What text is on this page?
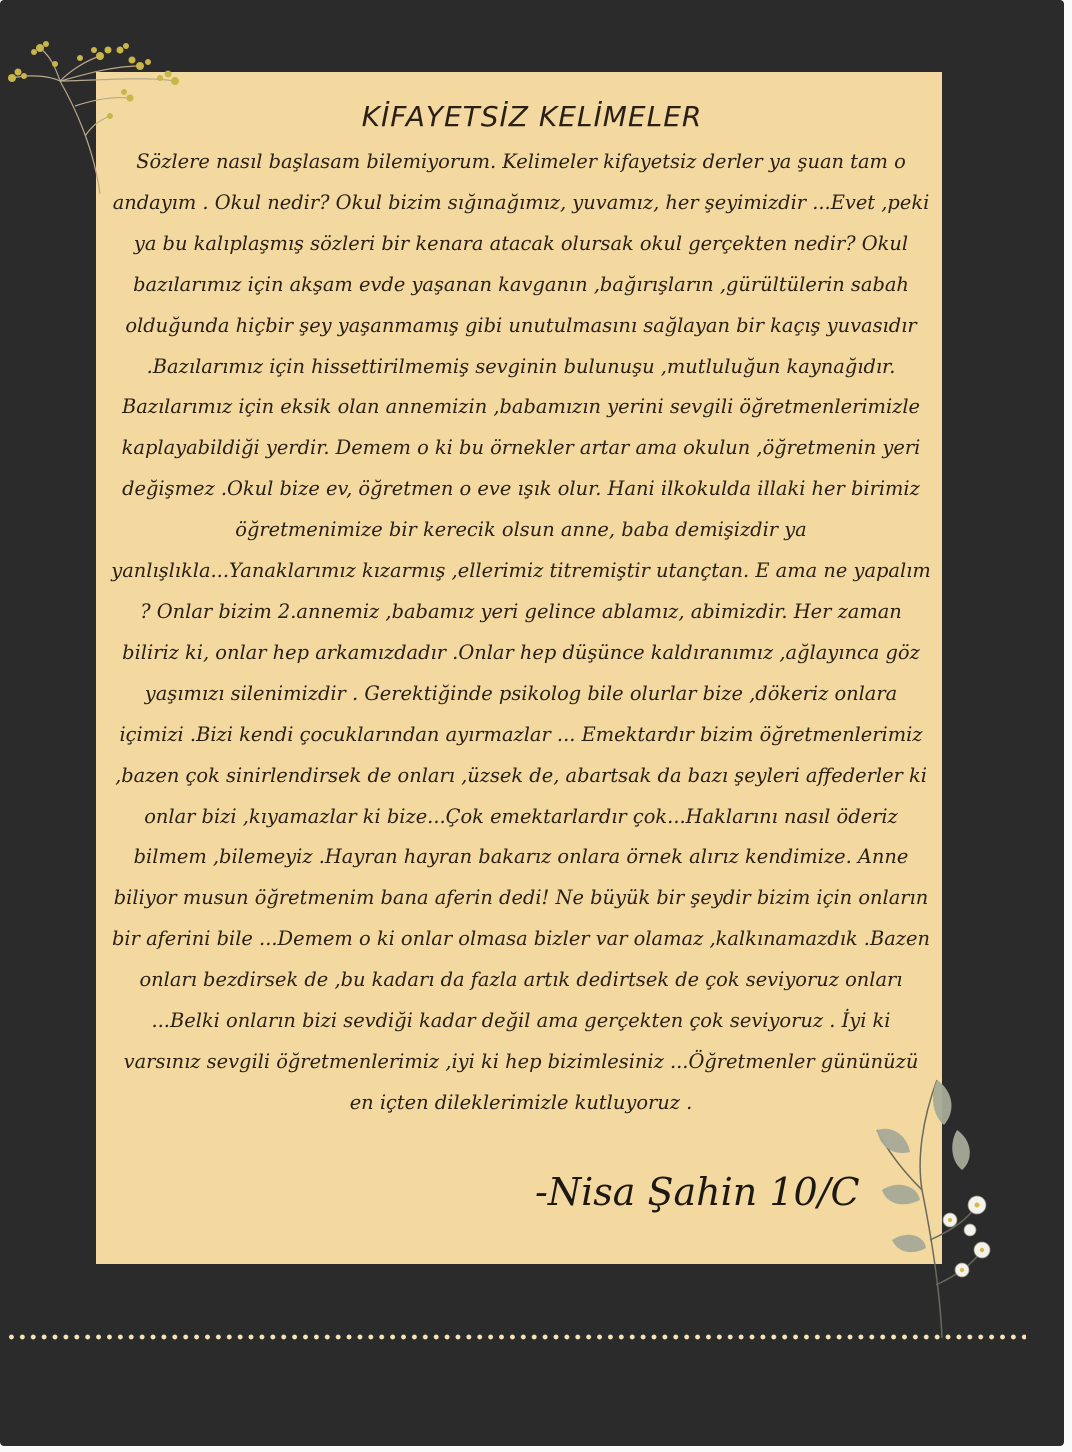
KİFAYETSİZ KELİMELER
Sözlere nasıl başlasam bilemiyorum. Kelimeler kifayetsiz derler ya şuan tam o andayım . Okul nedir? Okul bizim sığınağımız, yuvamız, her şeyimizdir ...Evet ,peki ya bu kalıplaşmış sözleri bir kenara atacak olursak okul gerçekten nedir? Okul bazılarımız için akşam evde yaşanan kavganın ,bağırışların ,gürültülerin sabah olduğunda hiçbir şey yaşanmamış gibi unutulmasını sağlayan bir kaçış yuvasıdır .Bazılarımız için hissettirilmemiş sevginin bulunuşu ,mutluluğun kaynağıdır. Bazılarımız için eksik olan annemizin ,babamızın yerini sevgili öğretmenlerimizle kaplayabildiği yerdir. Demem o ki bu örnekler artar ama okulun ,öğretmenin yeri değişmez .Okul bize ev, öğretmen o eve ışık olur. Hani ilkokulda illaki her birimiz öğretmenimize bir kerecik olsun anne, baba demişizdir ya yanlışlıkla...Yanaklarımız kızarmış ,ellerimiz titremiştir utançtan. E ama ne yapalım ? Onlar bizim 2.annemiz ,babamız yeri gelince ablamız, abimizdir. Her zaman biliriz ki, onlar hep arkamızdadır .Onlar hep düşünce kaldıranımız ,ağlayınca göz yaşımızı silenimizdir . Gerektiğinde psikolog bile olurlar bize ,dökeriz onlara içimizi .Bizi kendi çocuklarından ayırmazlar ... Emektardır bizim öğretmenlerimiz ,bazen çok sinirlendirsek de onları ,üzsek de, abartsak da bazı şeyleri affederler ki onlar bizi ,kıyamazlar ki bize...Çok emektarlardır çok...Haklarını nasıl öderiz bilmem ,bilemeyiz .Hayran hayran bakarız onlara örnek alırız kendimize. Anne biliyor musun öğretmenim bana aferin dedi! Ne büyük bir şeydir bizim için onların bir aferini bile ...Demem o ki onlar olmasa bizler var olamaz ,kalkınamazdık .Bazen onları bezdirsek de ,bu kadarı da fazla artık dedirtsek de çok seviyoruz onları ...Belki onların bizi sevdiği kadar değil ama gerçekten çok seviyoruz . İyi ki varsınız sevgili öğretmenlerimiz ,iyi ki hep bizimlesiniz ...Öğretmenler gününüzü en içten dileklerimizle kutluyoruz .
-Nisa Şahin 10/C
